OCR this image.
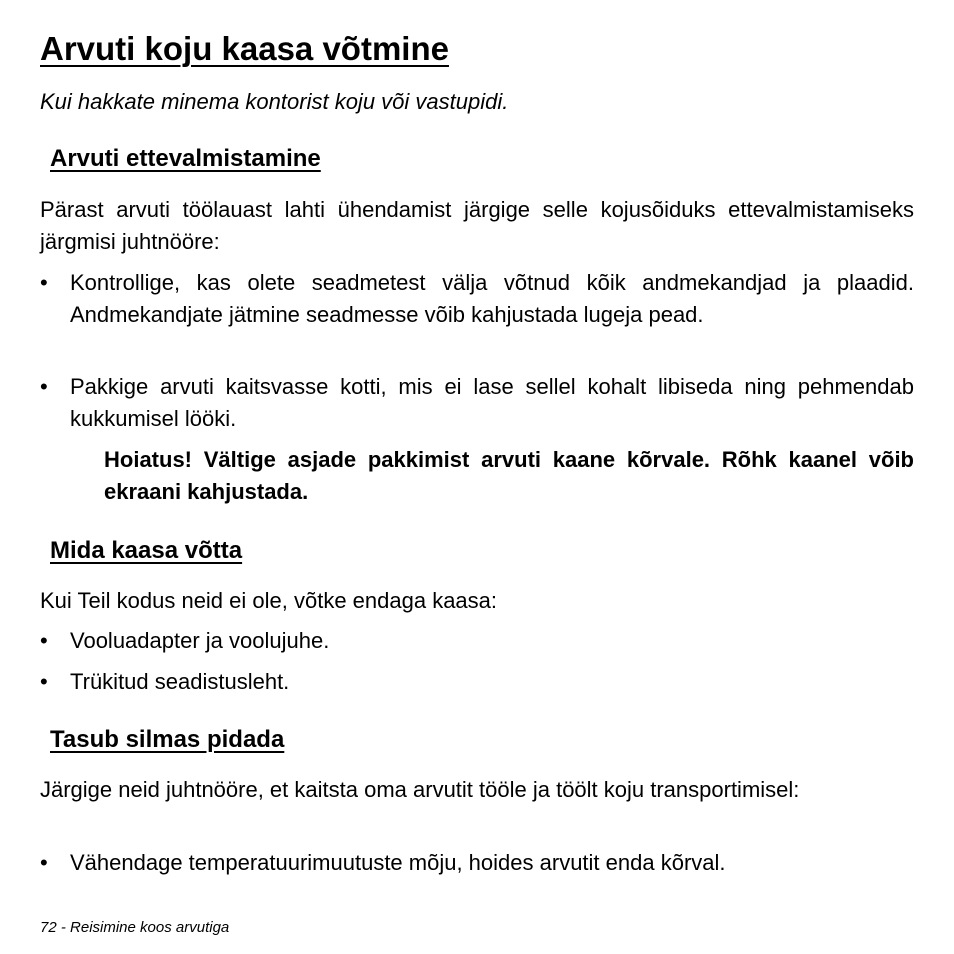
Arvuti koju kaasa võtmine

Kui hakkate minema kontorist koju või vastupidi.

Arvuti ettevalmistamine

Pärast arvuti töölauast lahti ühendamist järgige selle kojusõiduks ettevalmistamiseks järgmisi juhtnööre:

•	Kontrollige, kas olete seadmetest välja võtnud kõik andmekandjad ja plaadid. Andmekandjate jätmine seadmesse võib kahjustada lugeja pead.
•	Pakkige arvuti kaitsvasse kotti, mis ei lase sellel kohalt libiseda ning pehmendab kukkumisel lööki.

Hoiatus! Vältige asjade pakkimist arvuti kaane kõrvale. Rõhk kaanel võib ekraani kahjustada.

Mida kaasa võtta

Kui Teil kodus neid ei ole, võtke endaga kaasa:

•	Vooluadapter ja voolujuhe.
•	Trükitud seadistusleht.
Tasub silmas pidada

Järgige neid juhtnööre, et kaitsta oma arvutit tööle ja töölt koju transportimisel:

•	Vähendage temperatuurimuutuste mõju, hoides arvutit enda kõrval.

72 - Reisimine koos arvutiga
